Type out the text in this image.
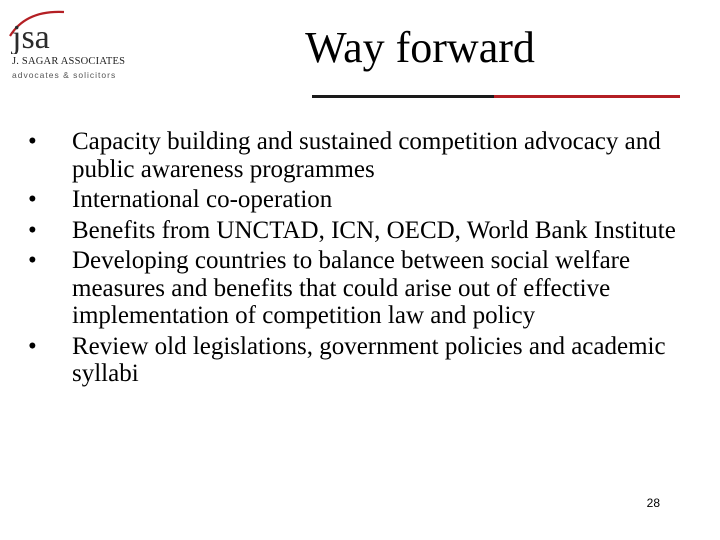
jsa
J. SAGAR ASSOCIATES
advocates & solicitors
Way forward
• Capacity building and sustained competition advocacy and public awareness programmes
• International co-operation
• Benefits from UNCTAD, ICN, OECD, World Bank Institute
• Developing countries to balance between social welfare measures and benefits that could arise out of effective implementation of competition law and policy
• Review old legislations, government policies and academic syllabi
28
